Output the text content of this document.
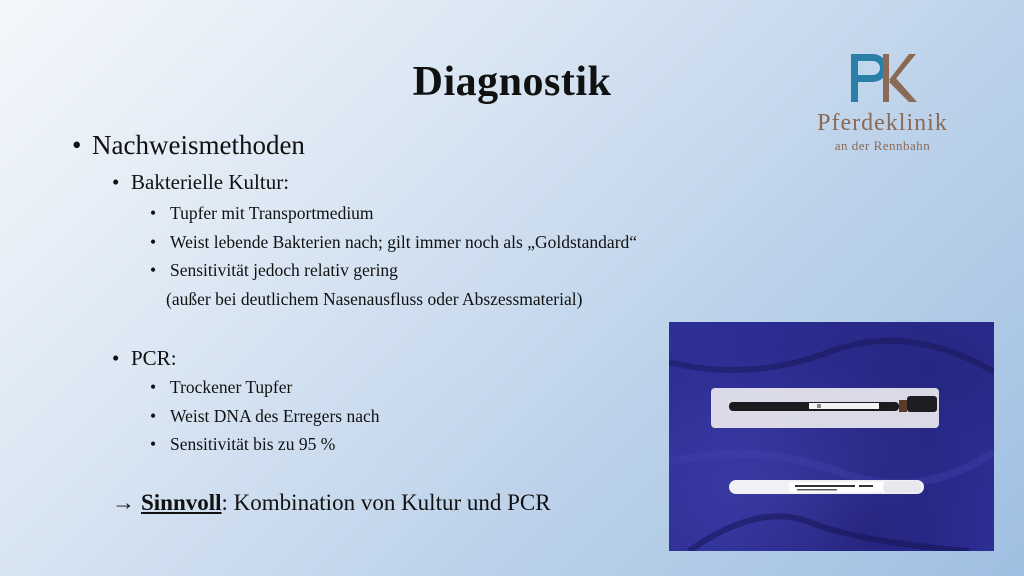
Diagnostik
Pferdeklinik
an der Rennbahn
• Nachweismethoden
• Bakterielle Kultur:
• Tupfer mit Transportmedium
• Weist lebende Bakterien nach; gilt immer noch als „Goldstandard“
• Sensitivität jedoch relativ gering
(außer bei deutlichem Nasenausfluss oder Abszessmaterial)
• PCR:
• Trockener Tupfer
• Weist DNA des Erregers nach
• Sensitivität bis zu 95 %
→ Sinnvoll: Kombination von Kultur und PCR
